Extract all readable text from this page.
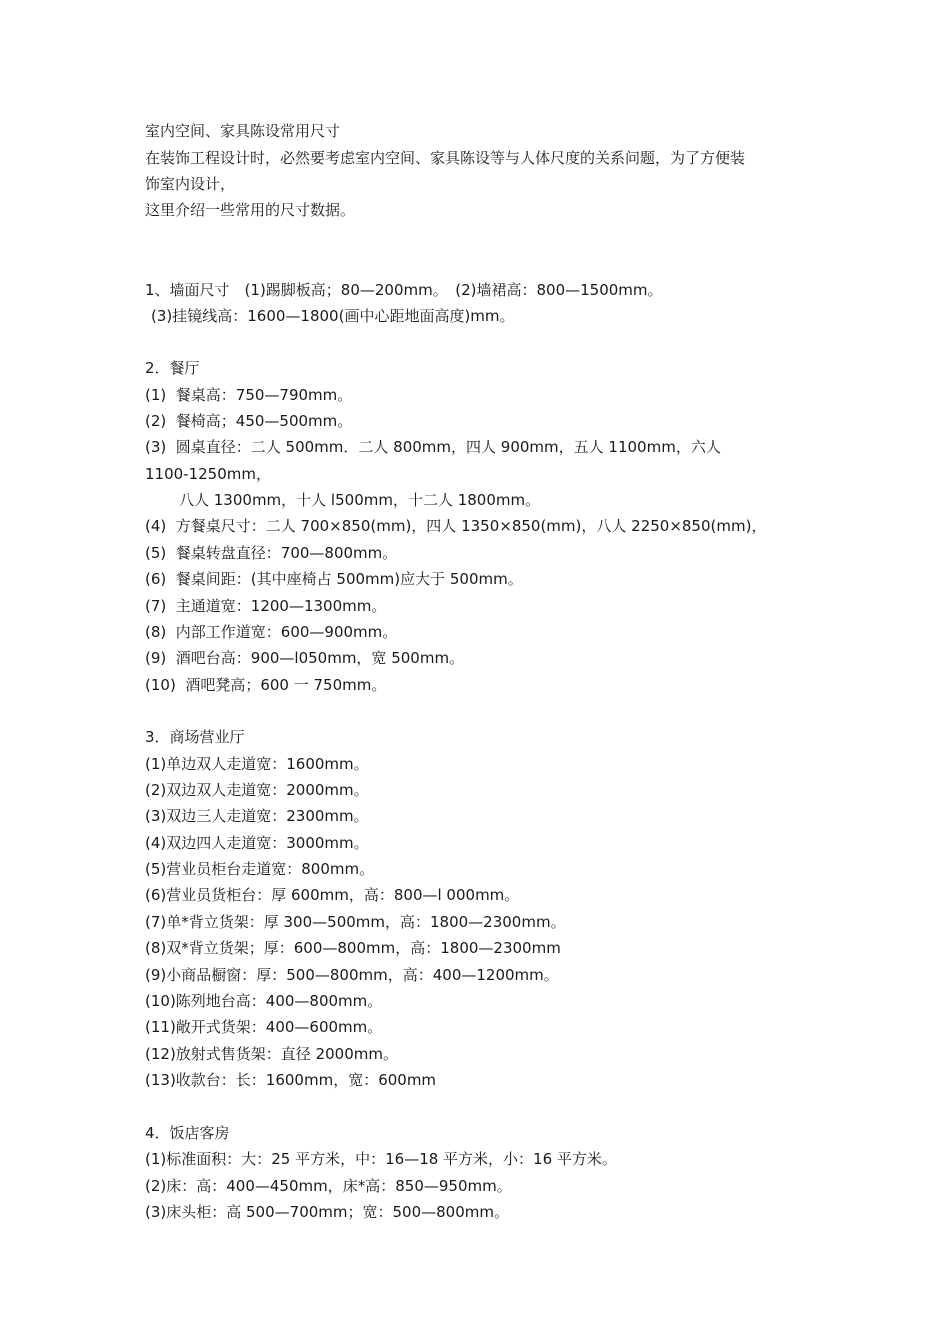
室内空间、家具陈设常用尺寸
在装饰工程设计时，必然要考虑室内空间、家具陈设等与人体尺度的关系问题，为了方便装
饰室内设计，
这里介绍一些常用的尺寸数据。
1、墙面尺寸　(1)踢脚板高；80—200mm。　(2)墙裙高：800—1500mm。
(3)挂镜线高：1600—1800(画中心距地面高度)mm。
2．餐厅
(1)  餐桌高：750—790mm。
(2)  餐椅高；450—500mm。
(3)  圆桌直径：二人 500mm．二人 800mm，四人 900mm，五人 1100mm，六人
1100-1250mm，
八人 1300mm，十人 l500mm，十二人 1800mm。
(4)  方餐桌尺寸：二人 700×850(mm)，四人 1350×850(mm)，八人 2250×850(mm)，
(5)  餐桌转盘直径：700—800mm。
(6)  餐桌间距：(其中座椅占 500mm)应大于 500mm。
(7)  主通道宽：1200—1300mm。
(8)  内部工作道宽：600—900mm。
(9)  酒吧台高：900—l050mm，宽 500mm。
(10)  酒吧凳高；600 一 750mm。
3．商场营业厅
(1)单边双人走道宽：1600mm。
(2)双边双人走道宽：2000mm。
(3)双边三人走道宽：2300mm。
(4)双边四人走道宽：3000mm。
(5)营业员柜台走道宽：800mm。
(6)营业员货柜台：厚 600mm，高：800—l 000mm。
(7)单*背立货架：厚 300—500mm，高：1800—2300mm。
(8)双*背立货架；厚：600—800mm，高：1800—2300mm
(9)小商品橱窗：厚：500—800mm，高：400—1200mm。
(10)陈列地台高：400—800mm。
(11)敞开式货架：400—600mm。
(12)放射式售货架：直径 2000mm。
(13)收款台：长：1600mm，宽：600mm
4．饭店客房
(1)标准面积：大：25 平方米，中：16—18 平方米，小：16 平方米。
(2)床：高：400—450mm，床*高：850—950mm。
(3)床头柜：高 500—700mm；宽：500—800mm。
